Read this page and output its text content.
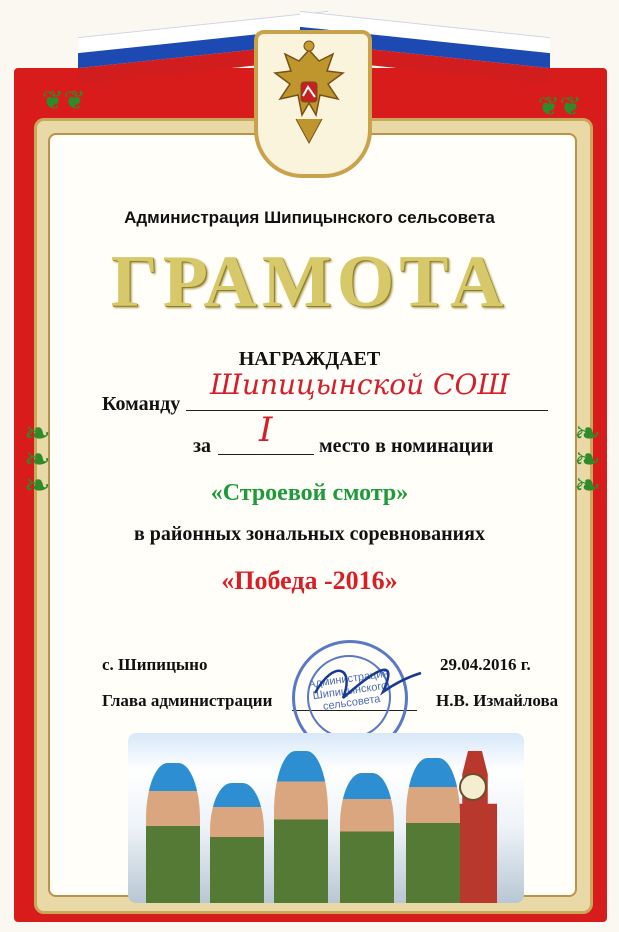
❦❦	❦❦
❧
❧
❧
❧
❧
❧
Администрация Шипицынского сельсовета
ГРАМОТА
НАГРАЖДАЕТ
Команду
Шипицынской СОШ
за I место в номинации
«Строевой смотр»
в районных зональных соревнованиях
«Победа -2016»
с. Шипицыно	29.04.2016 г.
Глава администрации	Н.В. Измайлова
Администрация Шипицынского сельсовета
